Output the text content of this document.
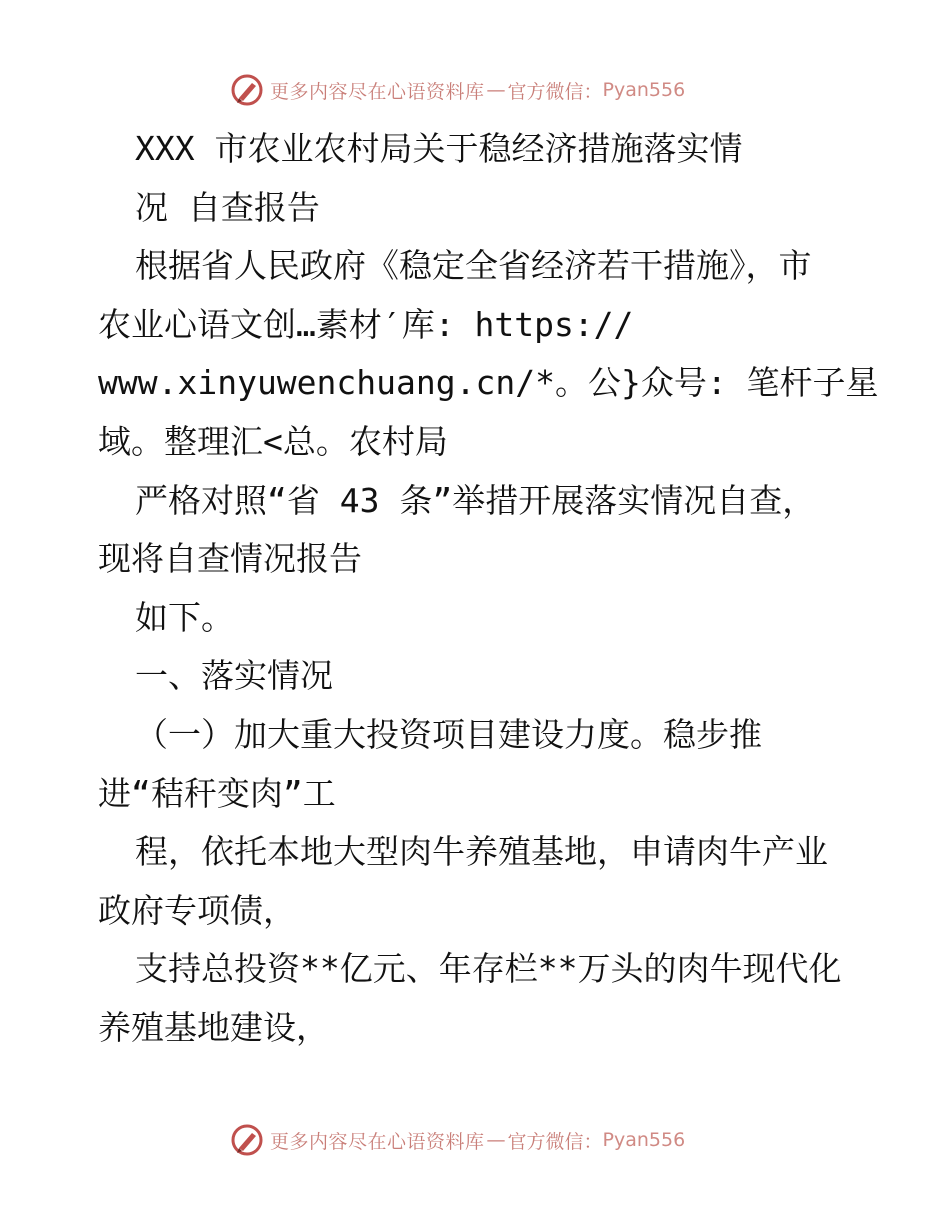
更多内容尽在心语资料库 — 官方微信： Pyan556
XXX 市农业农村局关于稳经济措施落实情
况 自查报告
根据省人民政府《稳定全省经济若干措施》，市
农业心语文创…素材′库: https://
www.xinyuwenchuang.cn/*。公}众号: 笔杆子星
域。整理汇<总。农村局
严格对照“省 43 条”举措开展落实情况自查，
现将自查情况报告
如下。
一、落实情况
（一）加大重大投资项目建设力度。稳步推
进“秸秆变肉”工
程，依托本地大型肉牛养殖基地，申请肉牛产业
政府专项债，
支持总投资**亿元、年存栏**万头的肉牛现代化
养殖基地建设，
更多内容尽在心语资料库 — 官方微信： Pyan556
